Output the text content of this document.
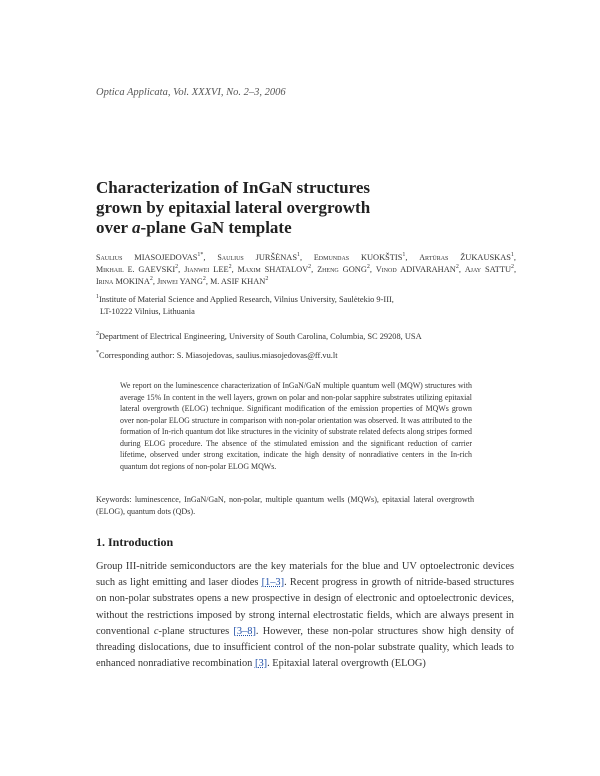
Optica Applicata, Vol. XXXVI, No. 2–3, 2006
Characterization of InGaN structures
grown by epitaxial lateral overgrowth
over a-plane GaN template
Saulius $MIASOJEDOVAS^{1*}$, Saulius JURŠĖNAS$^1$, Edmundas KUOKŠTIS$^1$, Artūras ŽUKAUSKAS$^1$, Mikhail E. GAEVSKI$^2$, Jianwei LEE$^2$, Maxim SHATALOV$^2$, Zheng GONG$^2$, Vinod ADIVARAHAN$^2$, Ajay SATTU$^2$, Irina MOKINA$^2$, Jinwei YANG$^2$, M. ASIF KHAN$^2$
$^1$Institute of Material Science and Applied Research, Vilnius University, Saulėtekio 9-III,
LT-10222 Vilnius, Lithuania
$^2$Department of Electrical Engineering, University of South Carolina, Columbia, SC 29208, USA
*Corresponding author: S. Miasojedovas, saulius.miasojedovas@ff.vu.lt
We report on the luminescence characterization of InGaN/GaN multiple quantum well (MQW) structures with average 15% In content in the well layers, grown on polar and non-polar sapphire substrates utilizing epitaxial lateral overgrowth (ELOG) technique. Significant modification of the emission properties of MQWs grown over non-polar ELOG structure in comparison with non-polar orientation was observed. It was attributed to the formation of In-rich quantum dot like structures in the vicinity of substrate related defects along stripes formed during ELOG procedure. The absence of the stimulated emission and the significant reduction of carrier lifetime, observed under strong excitation, indicate the high density of nonradiative centers in the In-rich quantum dot regions of non-polar ELOG MQWs.
Keywords: luminescence, InGaN/GaN, non-polar, multiple quantum wells (MQWs), epitaxial lateral overgrowth (ELOG), quantum dots (QDs).
1. Introduction
Group III-nitride semiconductors are the key materials for the blue and UV optoelectronic devices such as light emitting and laser diodes [1–3]. Recent progress in growth of nitride-based structures on non-polar substrates opens a new prospective in design of electronic and optoelectronic devices, without the restrictions imposed by strong internal electrostatic fields, which are always present in conventional c-plane structures [3–8]. However, these non-polar structures show high density of threading dislocations, due to insufficient control of the non-polar substrate quality, which leads to enhanced nonradiative recombination [3]. Epitaxial lateral overgrowth (ELOG)
